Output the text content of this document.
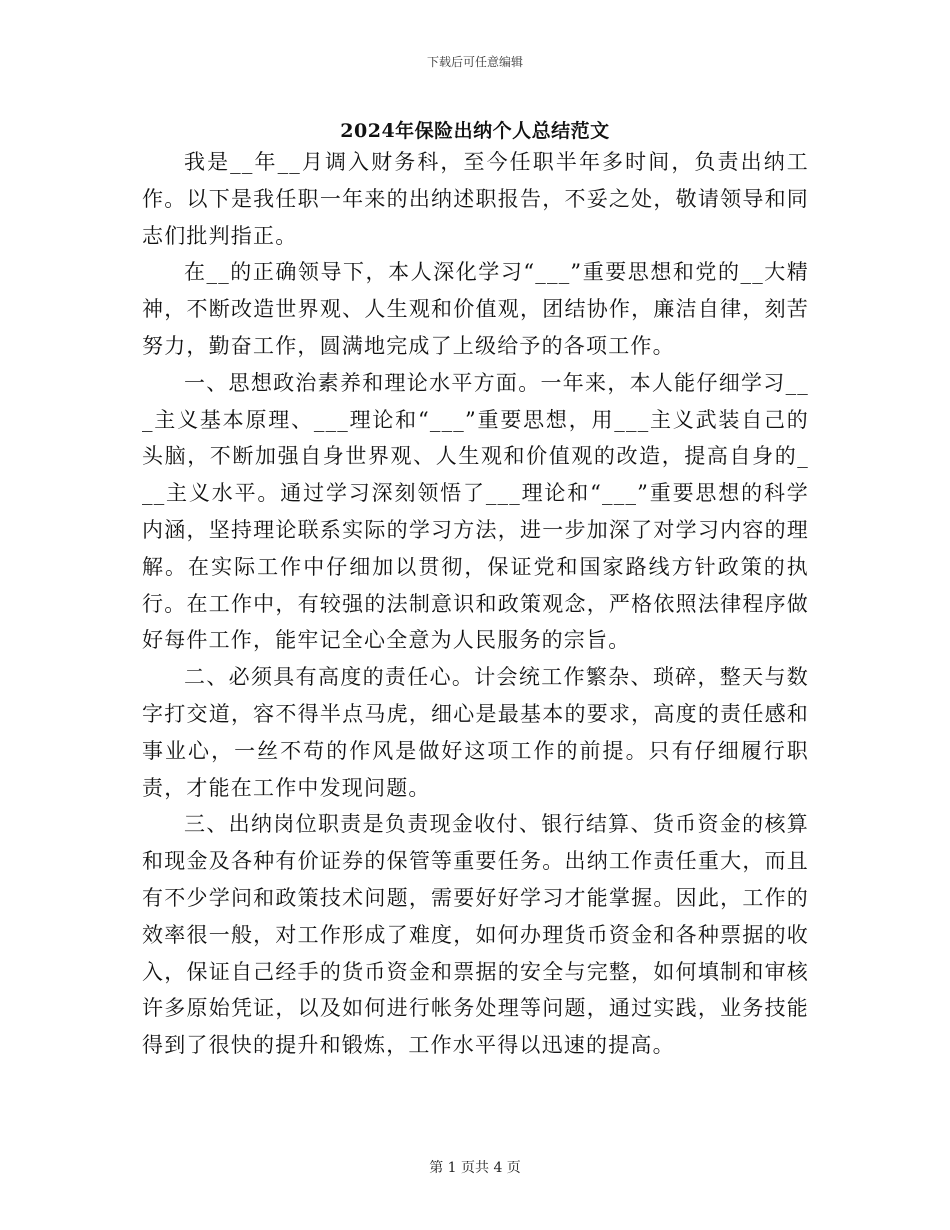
下载后可任意编辑
2024年保险出纳个人总结范文

我是__年__月调入财务科，至今任职半年多时间，负责出纳工作。以下是我任职一年来的出纳述职报告，不妥之处，敬请领导和同志们批判指正。

在__的正确领导下，本人深化学习“___”重要思想和党的__大精神，不断改造世界观、人生观和价值观，团结协作，廉洁自律，刻苦努力，勤奋工作，圆满地完成了上级给予的各项工作。

一、思想政治素养和理论水平方面。一年来，本人能仔细学习___主义基本原理、___理论和“___”重要思想，用___主义武装自己的头脑，不断加强自身世界观、人生观和价值观的改造，提高自身的___主义水平。通过学习深刻领悟了___理论和“___”重要思想的科学内涵，坚持理论联系实际的学习方法，进一步加深了对学习内容的理解。在实际工作中仔细加以贯彻，保证党和国家路线方针政策的执行。在工作中，有较强的法制意识和政策观念，严格依照法律程序做好每件工作，能牢记全心全意为人民服务的宗旨。

二、必须具有高度的责任心。计会统工作繁杂、琐碎，整天与数字打交道，容不得半点马虎，细心是最基本的要求，高度的责任感和事业心，一丝不苟的作风是做好这项工作的前提。只有仔细履行职责，才能在工作中发现问题。

三、出纳岗位职责是负责现金收付、银行结算、货币资金的核算和现金及各种有价证券的保管等重要任务。出纳工作责任重大，而且有不少学问和政策技术问题，需要好好学习才能掌握。因此，工作的效率很一般，对工作形成了难度，如何办理货币资金和各种票据的收入，保证自己经手的货币资金和票据的安全与完整，如何填制和审核许多原始凭证，以及如何进行帐务处理等问题，通过实践，业务技能得到了很快的提升和锻炼，工作水平得以迅速的提高。

第 1 页共 4 页
